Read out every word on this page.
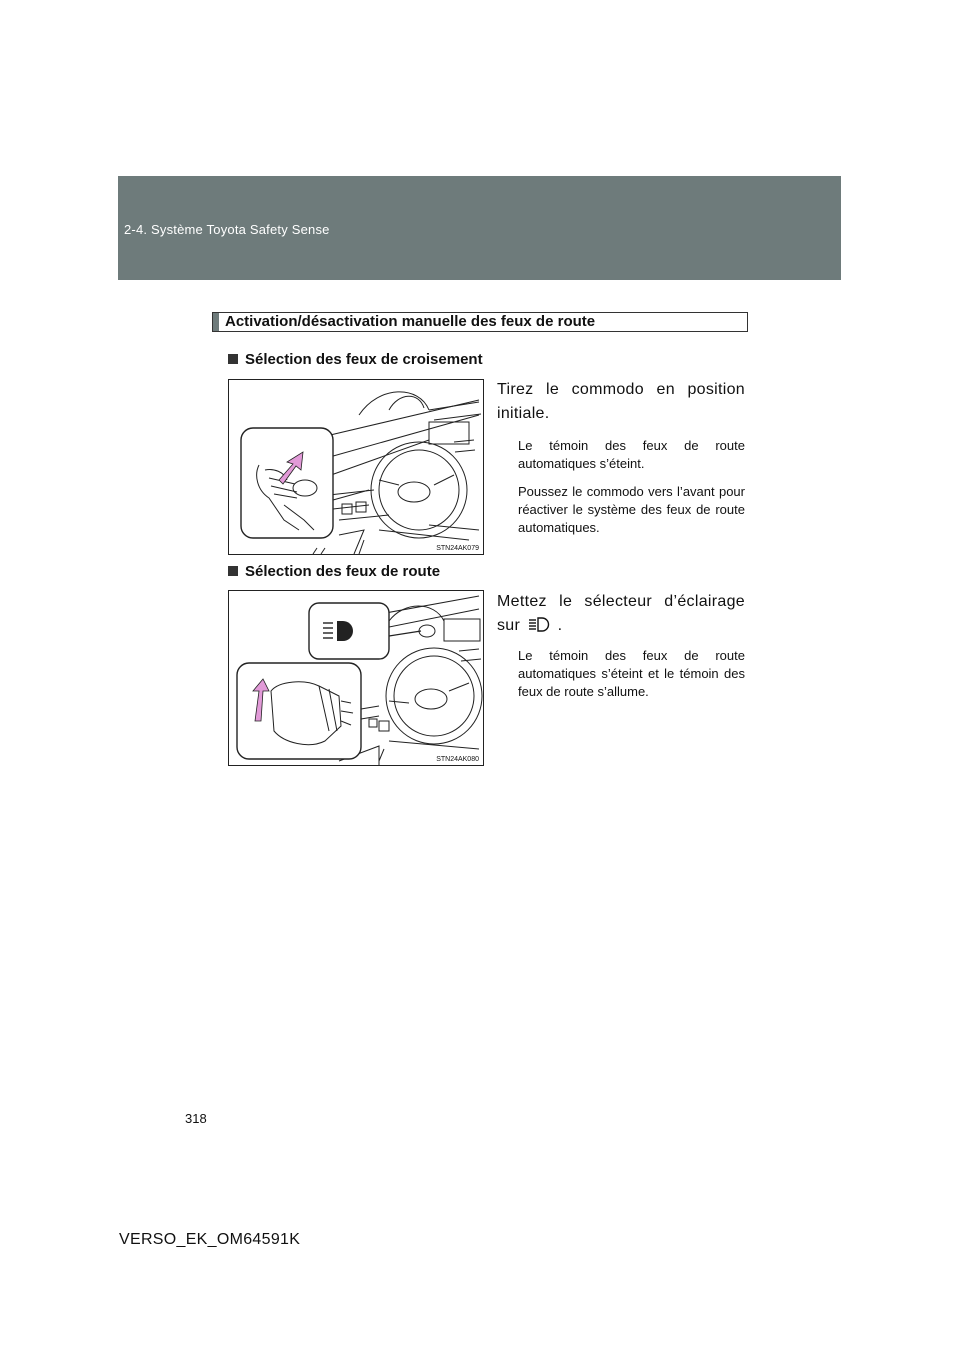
2-4. Système Toyota Safety Sense
Activation/désactivation manuelle des feux de route
Sélection des feux de croisement
STN24AK079
Tirez le commodo en position initiale.
Le témoin des feux de route automatiques s’éteint.
Poussez le commodo vers l’avant pour réactiver le système des feux de route automatiques.
Sélection des feux de route
STN24AK080
Mettez le sélecteur d’éclairage sur .
Le témoin des feux de route automatiques s’éteint et le témoin des feux de route s’allume.
318
VERSO_EK_OM64591K
